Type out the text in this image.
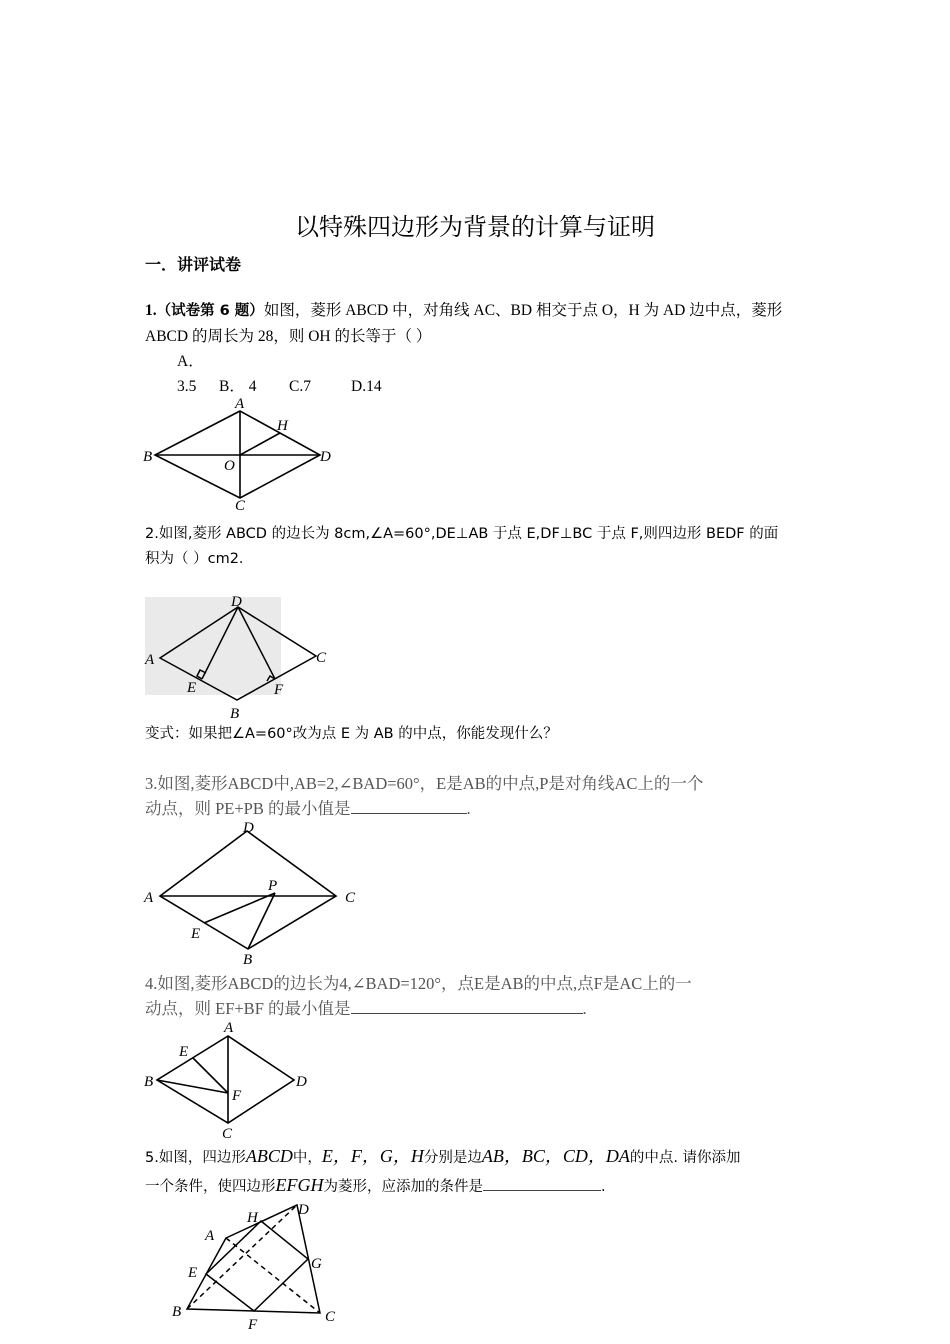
以特殊四边形为背景的计算与证明
一．讲评试卷
1.（试卷第 6 题）如图，菱形 ABCD 中，对角线 AC、BD 相交于点 O，H 为 AD 边中点，菱形
ABCD 的周长为 28，则 OH 的长等于（ ）
A． 3.5 B． 4 C.7	D.14
A
B
C
D
H
O
2.如图,菱形 ABCD 的边长为 8cm,∠A=60°,DE⊥AB 于点 E,DF⊥BC 于点 F,则四边形 BEDF 的面
积为（ ）cm2．
D
A	C
E	F
B
变式：如果把∠A=60°改为点 E 为 AB 的中点，你能发现什么？
3.如图,菱形ABCD中,AB=2,∠BAD=60°，E是AB的中点,P是对角线AC上的一个
动点，则 PE+PB 的最小值是	.
D
A
P
C
E
B
4.如图,菱形ABCD的边长为4,∠BAD=120°，点E是AB的中点,点F是AC上的一
动点，则 EF+BF 的最小值是	.
A
E
B
F
D
C
5.如图，四边形ABCD中，E，F，G，H分别是边AB，BC，CD，DA的中点. 请你添加
一个条件，使四边形EFGH为菱形，应添加的条件是	.
D
H
A
G
E
B	C
F
